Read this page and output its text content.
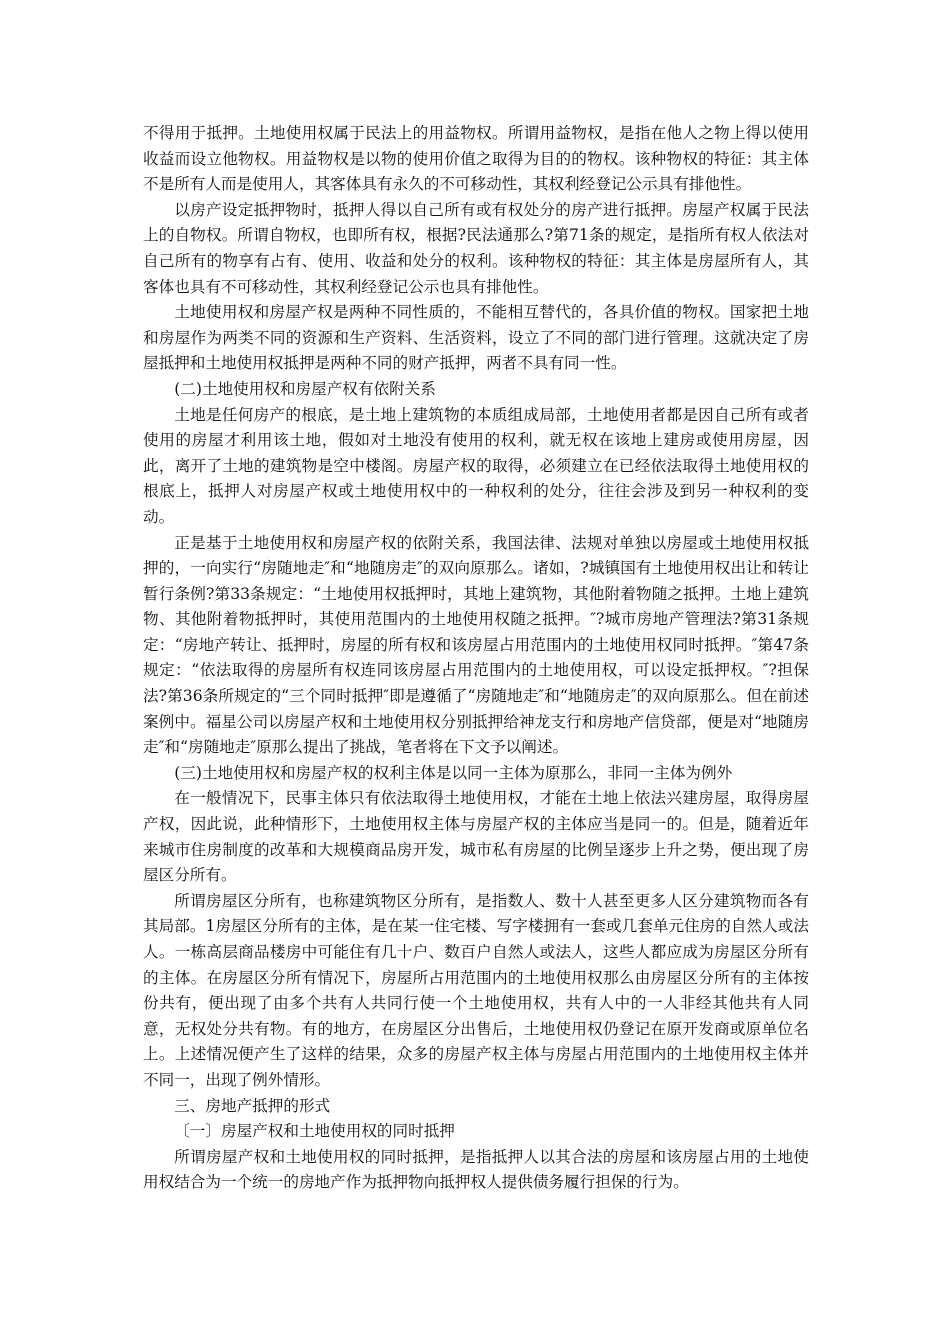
不得用于抵押。土地使用权属于民法上的用益物权。所谓用益物权，是指在他人之物上得以使用收益而设立他物权。用益物权是以物的使用价值之取得为目的的物权。该种物权的特征：其主体不是所有人而是使用人，其客体具有永久的不可移动性，其权利经登记公示具有排他性。

以房产设定抵押物时，抵押人得以自己所有或有权处分的房产进行抵押。房屋产权属于民法上的自物权。所谓自物权，也即所有权，根据?民法通那么?第71条的规定，是指所有权人依法对自己所有的物享有占有、使用、收益和处分的权利。该种物权的特征：其主体是房屋所有人，其客体也具有不可移动性，其权利经登记公示也具有排他性。

土地使用权和房屋产权是两种不同性质的，不能相互替代的，各具价值的物权。国家把土地和房屋作为两类不同的资源和生产资料、生活资料，设立了不同的部门进行管理。这就决定了房屋抵押和土地使用权抵押是两种不同的财产抵押，两者不具有同一性。

(二)土地使用权和房屋产权有依附关系

土地是任何房产的根底，是土地上建筑物的本质组成局部，土地使用者都是因自己所有或者使用的房屋才利用该土地，假如对土地没有使用的权利，就无权在该地上建房或使用房屋，因此，离开了土地的建筑物是空中楼阁。房屋产权的取得，必须建立在已经依法取得土地使用权的根底上，抵押人对房屋产权或土地使用权中的一种权利的处分，往往会涉及到另一种权利的变动。

正是基于土地使用权和房屋产权的依附关系，我国法律、法规对单独以房屋或土地使用权抵押的，一向实行“房随地走″和“地随房走″的双向原那么。诸如，?城镇国有土地使用权出让和转让暂行条例?第33条规定：“土地使用权抵押时，其地上建筑物，其他附着物随之抵押。土地上建筑物、其他附着物抵押时，其使用范围内的土地使用权随之抵押。″?城市房地产管理法?第31条规定：“房地产转让、抵押时，房屋的所有权和该房屋占用范围内的土地使用权同时抵押。″第47条规定：“依法取得的房屋所有权连同该房屋占用范围内的土地使用权，可以设定抵押权。″?担保法?第36条所规定的“三个同时抵押″即是遵循了“房随地走″和“地随房走″的双向原那么。但在前述案例中。福星公司以房屋产权和土地使用权分别抵押给神龙支行和房地产信贷部，便是对“地随房走″和“房随地走″原那么提出了挑战，笔者将在下文予以阐述。

(三)土地使用权和房屋产权的权利主体是以同一主体为原那么，非同一主体为例外

在一般情况下，民事主体只有依法取得土地使用权，才能在土地上依法兴建房屋，取得房屋产权，因此说，此种情形下，土地使用权主体与房屋产权的主体应当是同一的。但是，随着近年来城市住房制度的改革和大规模商品房开发，城市私有房屋的比例呈逐步上升之势，便出现了房屋区分所有。

所谓房屋区分所有，也称建筑物区分所有，是指数人、数十人甚至更多人区分建筑物而各有其局部。1房屋区分所有的主体，是在某一住宅楼、写字楼拥有一套或几套单元住房的自然人或法人。一栋高层商品楼房中可能住有几十户、数百户自然人或法人，这些人都应成为房屋区分所有的主体。在房屋区分所有情况下，房屋所占用范围内的土地使用权那么由房屋区分所有的主体按份共有，便出现了由多个共有人共同行使一个土地使用权，共有人中的一人非经其他共有人同意，无权处分共有物。有的地方，在房屋区分出售后，土地使用权仍登记在原开发商或原单位名上。上述情况便产生了这样的结果，众多的房屋产权主体与房屋占用范围内的土地使用权主体并不同一，出现了例外情形。

三、房地产抵押的形式

〔一〕房屋产权和土地使用权的同时抵押

所谓房屋产权和土地使用权的同时抵押，是指抵押人以其合法的房屋和该房屋占用的土地使用权结合为一个统一的房地产作为抵押物向抵押权人提供债务履行担保的行为。
